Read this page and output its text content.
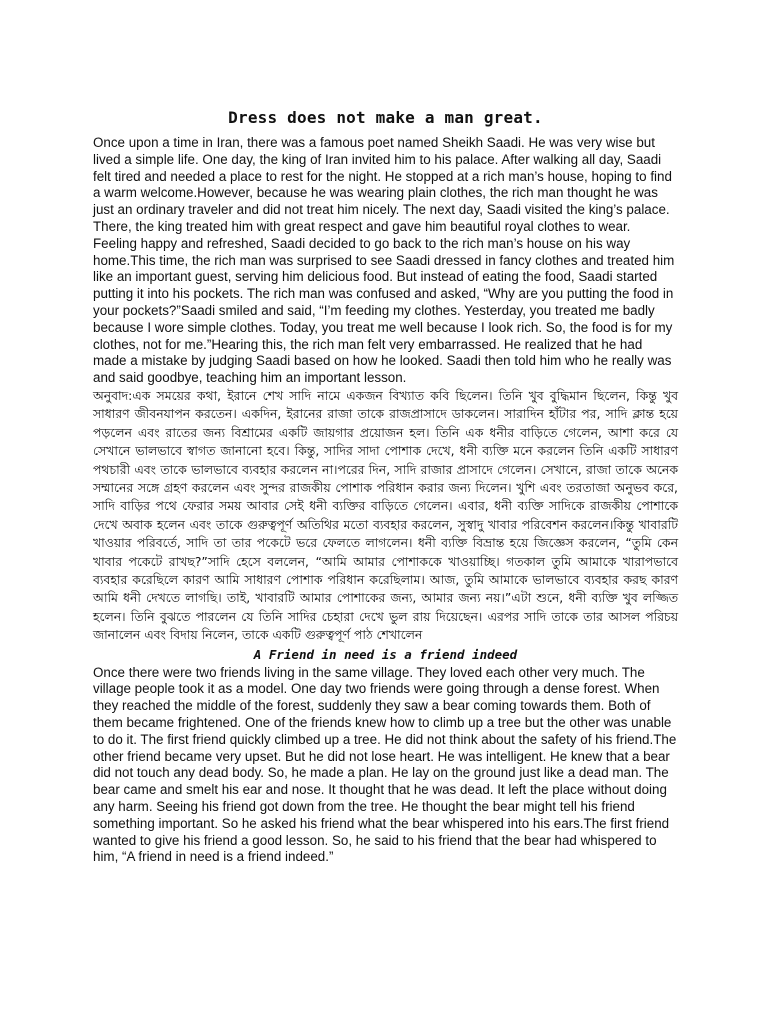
Dress does not make a man great.

Once upon a time in Iran, there was a famous poet named Sheikh Saadi. He was very wise but lived a simple life. One day, the king of Iran invited him to his palace. After walking all day, Saadi felt tired and needed a place to rest for the night. He stopped at a rich man’s house, hoping to find a warm welcome.However, because he was wearing plain clothes, the rich man thought he was just an ordinary traveler and did not treat him nicely. The next day, Saadi visited the king’s palace. There, the king treated him with great respect and gave him beautiful royal clothes to wear. Feeling happy and refreshed, Saadi decided to go back to the rich man’s house on his way home.This time, the rich man was surprised to see Saadi dressed in fancy clothes and treated him like an important guest, serving him delicious food. But instead of eating the food, Saadi started putting it into his pockets. The rich man was confused and asked, “Why are you putting the food in your pockets?”Saadi smiled and said, “I’m feeding my clothes. Yesterday, you treated me badly because I wore simple clothes. Today, you treat me well because I look rich. So, the food is for my clothes, not for me.”Hearing this, the rich man felt very embarrassed. He realized that he had made a mistake by judging Saadi based on how he looked. Saadi then told him who he really was and said goodbye, teaching him an important lesson.

অনুবাদ:এক সময়ের কথা, ইরানে শেখ সাদি নামে একজন বিখ্যাত কবি ছিলেন। তিনি খুব বুদ্ধিমান ছিলেন, কিন্তু খুব সাধারণ জীবনযাপন করতেন। একদিন, ইরানের রাজা তাকে রাজপ্রাসাদে ডাকলেন। সারাদিন হাঁটার পর, সাদি ক্লান্ত হয়ে পড়লেন এবং রাতের জন্য বিশ্রামের একটি জায়গার প্রয়োজন হল। তিনি এক ধনীর বাড়িতে গেলেন, আশা করে যে সেখানে ভালভাবে স্বাগত জানানো হবে। কিন্তু, সাদির সাদা পোশাক দেখে, ধনী ব্যক্তি মনে করলেন তিনি একটি সাধারণ পথচারী এবং তাকে ভালভাবে ব্যবহার করলেন না।পরের দিন, সাদি রাজার প্রাসাদে গেলেন। সেখানে, রাজা তাকে অনেক সম্মানের সঙ্গে গ্রহণ করলেন এবং সুন্দর রাজকীয় পোশাক পরিধান করার জন্য দিলেন। খুশি এবং তরতাজা অনুভব করে, সাদি বাড়ির পথে ফেরার সময় আবার সেই ধনী ব্যক্তির বাড়িতে গেলেন। এবার, ধনী ব্যক্তি সাদিকে রাজকীয় পোশাকে দেখে অবাক হলেন এবং তাকে গুরুত্বপূর্ণ অতিথির মতো ব্যবহার করলেন, সুস্বাদু খাবার পরিবেশন করলেন।কিন্তু খাবারটি খাওয়ার পরিবর্তে, সাদি তা তার পকেটে ভরে ফেলতে লাগলেন। ধনী ব্যক্তি বিভ্রান্ত হয়ে জিজ্ঞেস করলেন, “তুমি কেন খাবার পকেটে রাখছ?”সাদি হেসে বললেন, “আমি আমার পোশাককে খাওয়াচ্ছি। গতকাল তুমি আমাকে খারাপভাবে ব্যবহার করেছিলে কারণ আমি সাধারণ পোশাক পরিধান করেছিলাম। আজ, তুমি আমাকে ভালভাবে ব্যবহার করছ কারণ আমি ধনী দেখতে লাগছি। তাই, খাবারটি আমার পোশাকের জন্য, আমার জন্য নয়।”এটা শুনে, ধনী ব্যক্তি খুব লজ্জিত হলেন। তিনি বুঝতে পারলেন যে তিনি সাদির চেহারা দেখে ভুল রায় দিয়েছেন। এরপর সাদি তাকে তার আসল পরিচয় জানালেন এবং বিদায় নিলেন, তাকে একটি গুরুত্বপূর্ণ পাঠ শেখালেন

A Friend in need is a friend indeed

Once there were two friends living in the same village. They loved each other very much. The village people took it as a model. One day two friends were going through a dense forest. When they reached the middle of the forest, suddenly they saw a bear coming towards them. Both of them became frightened. One of the friends knew how to climb up a tree but the other was unable to do it. The first friend quickly climbed up a tree. He did not think about the safety of his friend.The other friend became very upset. But he did not lose heart. He was intelligent. He knew that a bear did not touch any dead body. So, he made a plan. He lay on the ground just like a dead man. The bear came and smelt his ear and nose. It thought that he was dead. It left the place without doing any harm. Seeing his friend got down from the tree. He thought the bear might tell his friend something important. So he asked his friend what the bear whispered into his ears.The first friend wanted to give his friend a good lesson. So, he said to his friend that the bear had whispered to him, “A friend in need is a friend indeed.”
